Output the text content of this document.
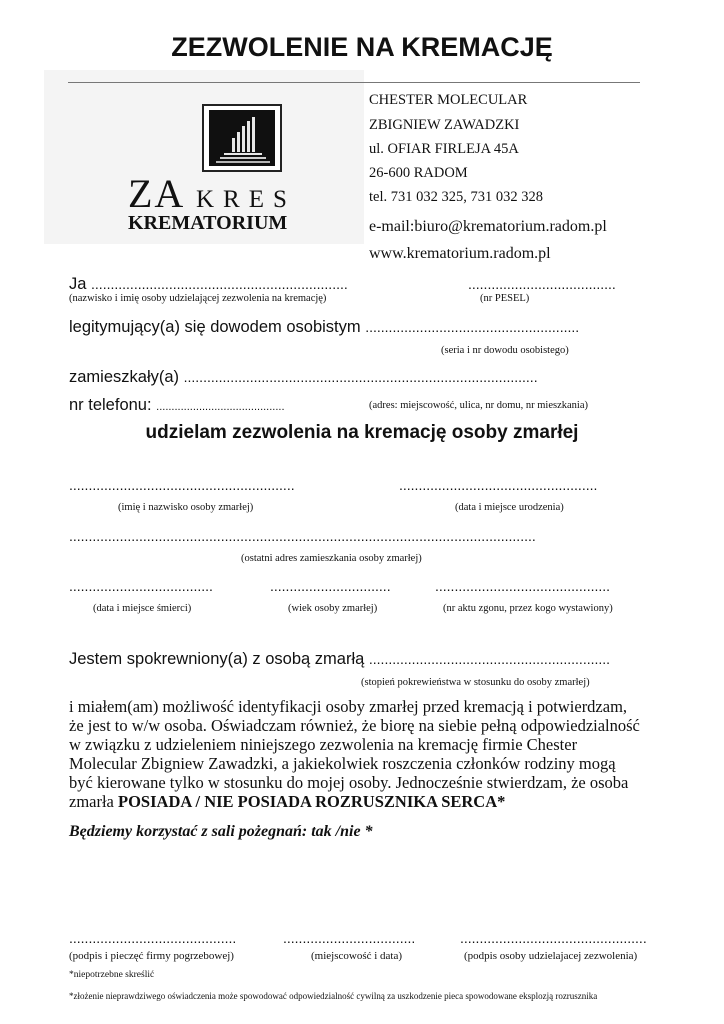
ZEZWOLENIE NA KREMACJĘ
ZA KRES
KREMATORIUM
CHESTER MOLECULAR
ZBIGNIEW ZAWADZKI
ul. OFIAR FIRLEJA 45A
26-600 RADOM
tel. 731 032 325, 731 032 328
e-mail:biuro@krematorium.radom.pl
www.krematorium.radom.pl
Ja ..................................................................	......................................
(nazwisko i imię osoby udzielającej zezwolenia na kremację)	(nr PESEL)
legitymujący(a) się dowodem osobistym .......................................................
(seria i nr dowodu osobistego)
zamieszkały(a) ...........................................................................................
nr telefonu: ..........................................	(adres: miejscowość, ulica, nr domu, nr mieszkania)
udzielam zezwolenia na kremację osoby zmarłej
..........................................................	...................................................
(imię i nazwisko osoby zmarłej)	(data i miejsce urodzenia)
........................................................................................................................
(ostatni adres zamieszkania osoby zmarłej)
.....................................	...............................	.............................................
(data i miejsce śmierci)	(wiek osoby zmarłej)	(nr aktu zgonu, przez kogo wystawiony)
Jestem spokrewniony(a) z osobą zmarłą ..............................................................
(stopień pokrewieństwa w stosunku do osoby zmarłej)
i miałem(am) możliwość identyfikacji osoby zmarłej przed kremacją i potwierdzam,
że jest to w/w osoba. Oświadczam również, że biorę na siebie pełną odpowiedzialność
w związku z udzieleniem niniejszego zezwolenia na kremację firmie Chester
Molecular Zbigniew Zawadzki, a jakiekolwiek roszczenia członków rodziny mogą
być kierowane tylko w stosunku do mojej osoby. Jednocześnie stwierdzam, że osoba
zmarła POSIADA / NIE POSIADA ROZRUSZNIKA SERCA*
Będziemy korzystać z sali pożegnań: tak /nie *
...........................................	..................................	................................................
(podpis i pieczęć firmy pogrzebowej)	(miejscowość i data)	(podpis osoby udzielajacej zezwolenia)
*niepotrzebne skreślić
*złożenie nieprawdziwego oświadczenia może spowodować odpowiedzialność cywilną za uszkodzenie pieca spowodowane eksplozją rozrusznika
